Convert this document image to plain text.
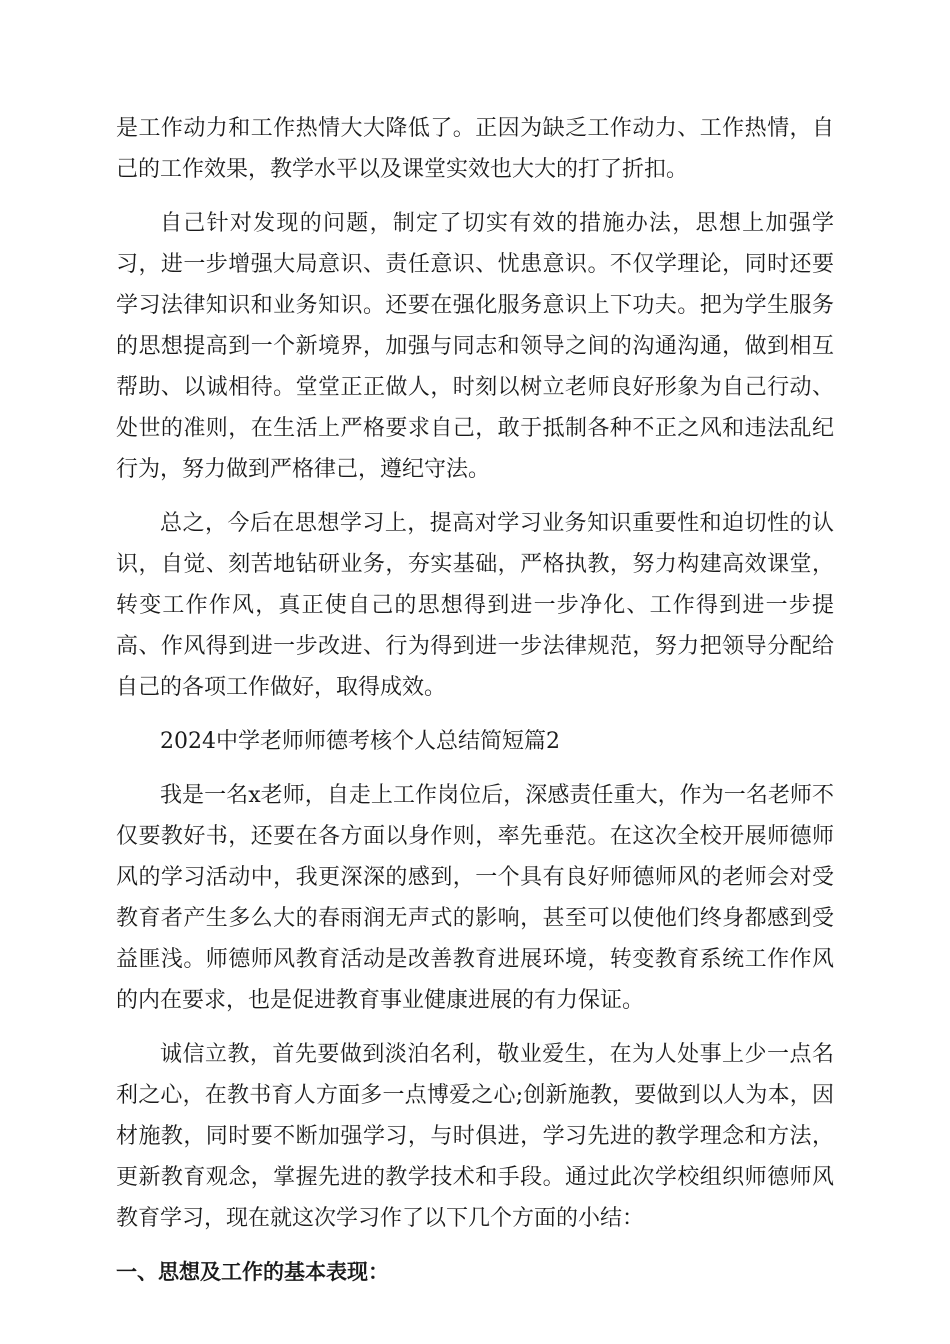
是工作动力和工作热情大大降低了。正因为缺乏工作动力、工作热情，自己的工作效果，教学水平以及课堂实效也大大的打了折扣。

自己针对发现的问题，制定了切实有效的措施办法，思想上加强学习，进一步增强大局意识、责任意识、忧患意识。不仅学理论，同时还要学习法律知识和业务知识。还要在强化服务意识上下功夫。把为学生服务的思想提高到一个新境界，加强与同志和领导之间的沟通沟通，做到相互帮助、以诚相待。堂堂正正做人，时刻以树立老师良好形象为自己行动、处世的准则，在生活上严格要求自己，敢于抵制各种不正之风和违法乱纪行为，努力做到严格律己，遵纪守法。

总之，今后在思想学习上，提高对学习业务知识重要性和迫切性的认识，自觉、刻苦地钻研业务，夯实基础，严格执教，努力构建高效课堂，转变工作作风，真正使自己的思想得到进一步净化、工作得到进一步提高、作风得到进一步改进、行为得到进一步法律规范，努力把领导分配给自己的各项工作做好，取得成效。

2024中学老师师德考核个人总结简短篇2

我是一名x老师，自走上工作岗位后，深感责任重大，作为一名老师不仅要教好书，还要在各方面以身作则，率先垂范。在这次全校开展师德师风的学习活动中，我更深深的感到，一个具有良好师德师风的老师会对受教育者产生多么大的春雨润无声式的影响，甚至可以使他们终身都感到受益匪浅。师德师风教育活动是改善教育进展环境，转变教育系统工作作风的内在要求，也是促进教育事业健康进展的有力保证。

诚信立教，首先要做到淡泊名利，敬业爱生，在为人处事上少一点名利之心，在教书育人方面多一点博爱之心;创新施教，要做到以人为本，因材施教，同时要不断加强学习，与时俱进，学习先进的教学理念和方法，更新教育观念，掌握先进的教学技术和手段。通过此次学校组织师德师风教育学习，现在就这次学习作了以下几个方面的小结：

一、思想及工作的基本表现：
